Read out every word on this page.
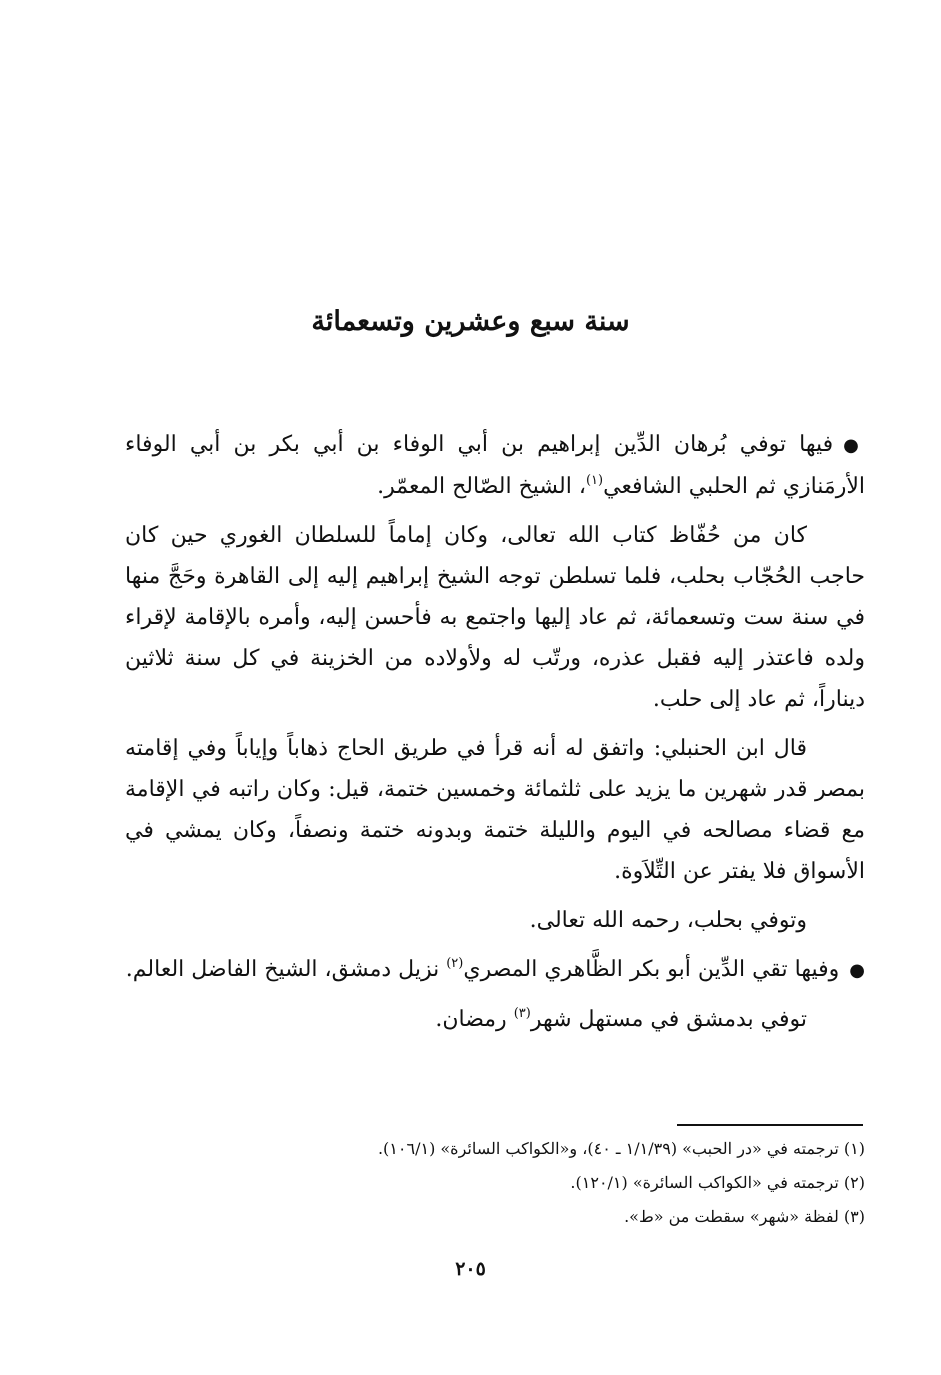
سنة سبع وعشرين وتسعمائة

●فيها توفي بُرهان الدِّين إبراهيم بن أبي الوفاء بن أبي بكر بن أبي الوفاء الأرمَنازي ثم الحلبي الشافعي$^{(١)}$، الشيخ الصّالح المعمّر.

كان من حُفّاظ كتاب الله تعالى، وكان إماماً للسلطان الغوري حين كان حاجب الحُجّاب بحلب، فلما تسلطن توجه الشيخ إبراهيم إليه إلى القاهرة وحَجَّ منها في سنة ست وتسعمائة، ثم عاد إليها واجتمع به فأحسن إليه، وأمره بالإقامة لإقراء ولده فاعتذر إليه فقبل عذره، ورتّب له ولأولاده من الخزينة في كل سنة ثلاثين ديناراً، ثم عاد إلى حلب.

قال ابن الحنبلي: واتفق له أنه قرأ في طريق الحاج ذهاباً وإياباً وفي إقامته بمصر قدر شهرين ما يزيد على ثلثمائة وخمسين ختمة، قيل: وكان راتبه في الإقامة مع قضاء مصالحه في اليوم والليلة ختمة وبدونه ختمة ونصفاً، وكان يمشي في الأسواق فلا يفتر عن التِّلاَوة.

وتوفي بحلب، رحمه الله تعالى.

●وفيها تقي الدِّين أبو بكر الظَّاهري المصري$^{(٢)}$ نزيل دمشق، الشيخ الفاضل العالم.

توفي بدمشق في مستهل شهر$^{(٣)}$ رمضان.

(١) ترجمته في «در الحبب» (١/١/٣٩ ـ ٤٠)، و«الكواكب السائرة» (١٠٦/١).

(٢) ترجمته في «الكواكب السائرة» (١٢٠/١).

(٣) لفظة «شهر» سقطت من «ط».

٢٠٥
